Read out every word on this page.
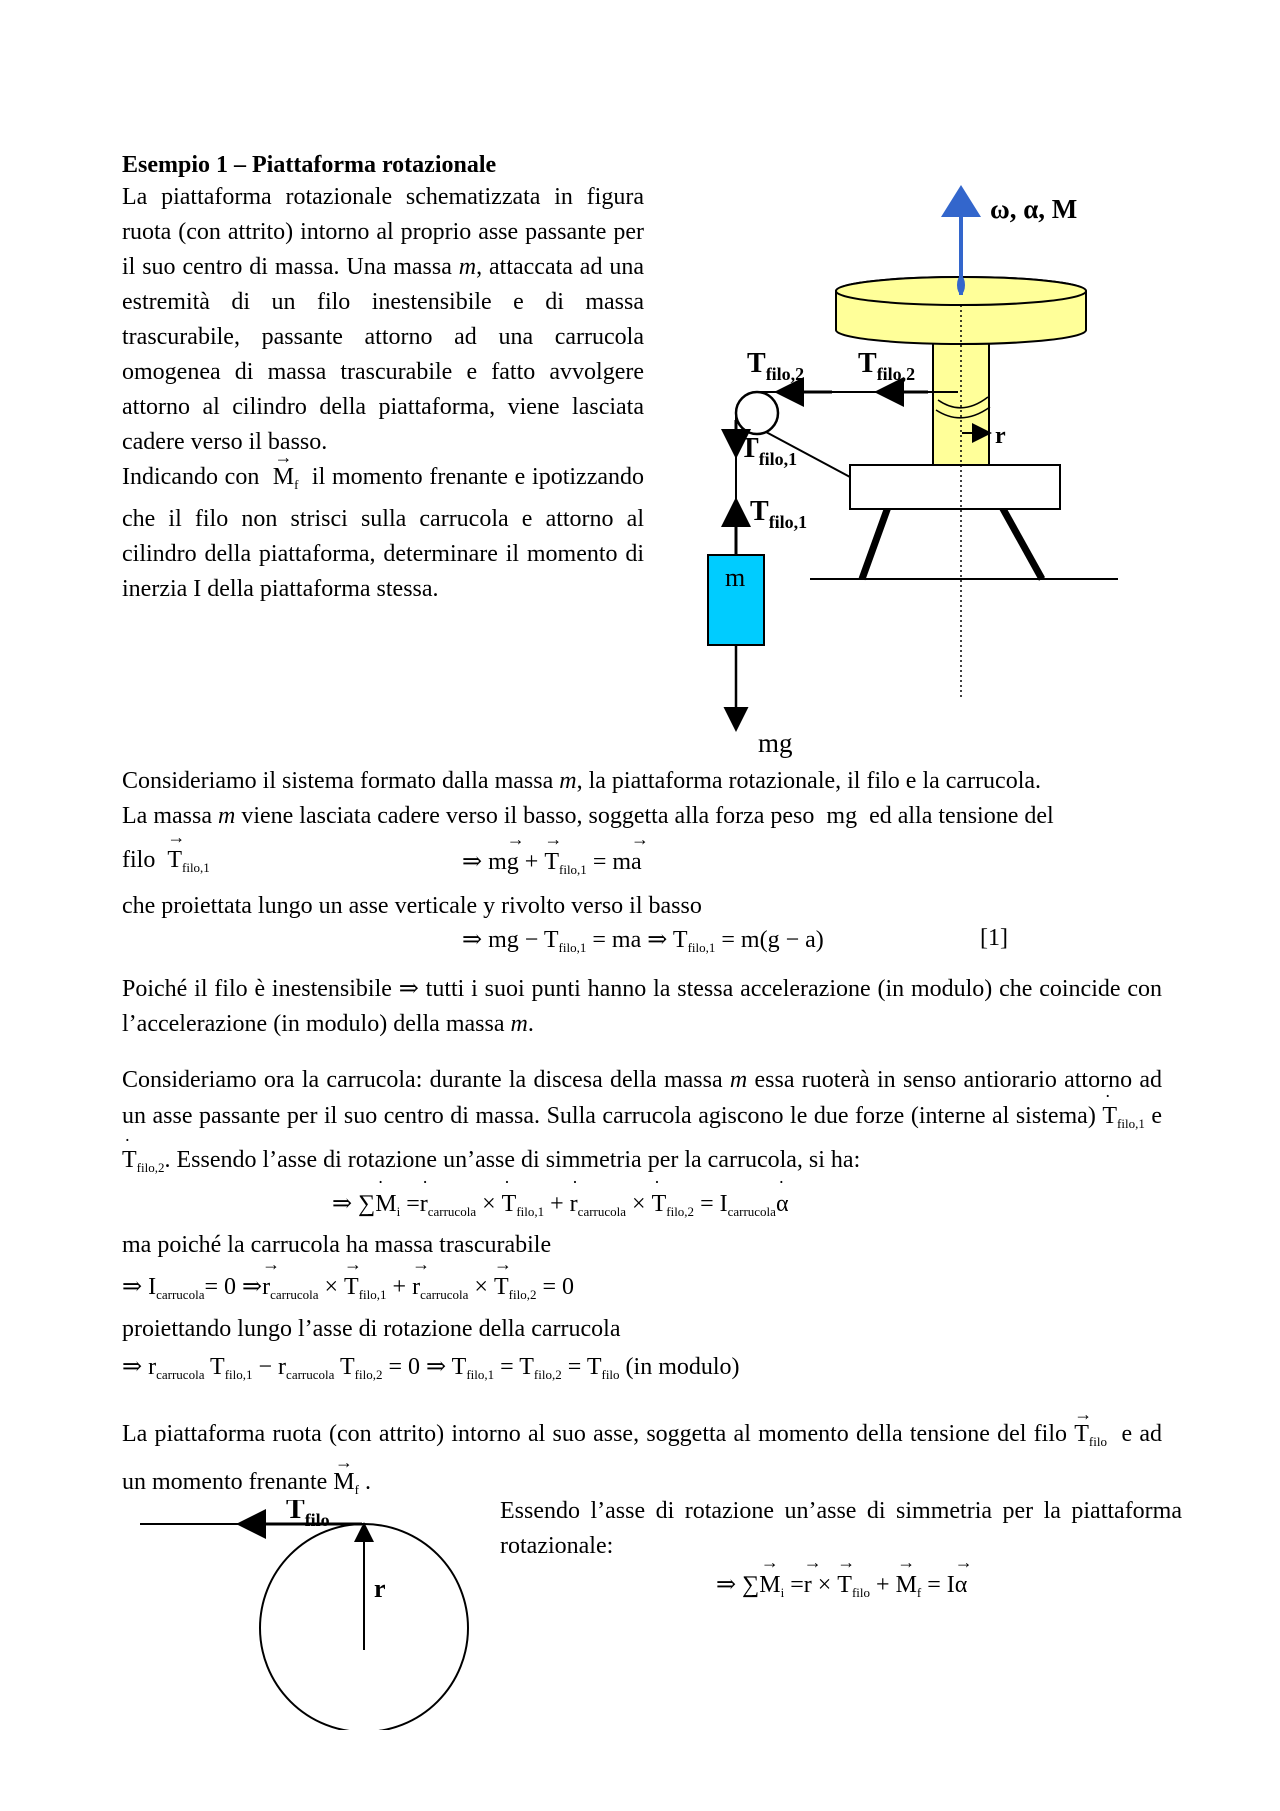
Esempio 1 – Piattaforma rotazionale
La piattaforma rotazionale schematizzata in figura ruota (con attrito) intorno al proprio asse passante per il suo centro di massa. Una massa m, attaccata ad una estremità di un filo inestensibile e di massa trascurabile, passante attorno ad una carrucola omogenea di massa trascurabile e fatto avvolgere attorno al cilindro della piattaforma, viene lasciata cadere verso il basso.
Indicando con → $M_f$ il momento frenante e ipotizzando che il filo non strisci sulla carrucola e attorno al cilindro della piattaforma, determinare il momento di inerzia I della piattaforma stessa.
ω, α, M
r
$T_{filo,2}$ $T_{filo,2}$
$T_{filo,1}$
$T_{filo,1}$
m
mg
Consideriamo il sistema formato dalla massa m, la piattaforma rotazionale, il filo e la carrucola.
La massa m viene lasciata cadere verso il basso, soggetta alla forza peso mg ed alla tensione del
filo → $T_{filo,1}$	⇒ m→ g + → $T_{filo,1} = m\to a$
che proiettata lungo un asse verticale y rivolto verso il basso
⇒ mg − $T_{filo,1}$ = ma ⇒ $T_{filo,1} = m(g - a)$	[1]
Poiché il filo è inestensibile ⇒ tutti i suoi punti hanno la stessa accelerazione (in modulo) che coincide con l’accelerazione (in modulo) della massa m.
Consideriamo ora la carrucola: durante la discesa della massa m essa ruoterà in senso antiorario attorno ad un asse passante per il suo centro di massa. Sulla carrucola agiscono le due forze (interne al sistema) ˙ $T_{filo,1}$ e ˙ $T_{filo,2}$. Essendo l’asse di rotazione un’asse di simmetria per la carrucola, si ha:
⇒ ∑˙ $M_i$ =˙ $r_{carrucola}$ × ˙ $T_{filo,1}$ + ˙ $r_{carrucola}$ × ˙ $T_{filo,2}$ = $I_{carrucola}˙$ α
ma poiché la carrucola ha massa trascurabile
⇒ $I_{carrucola}= 0$ ⇒→ $r_{carrucola}$ × → $T_{filo,1}$ + → $r_{carrucola}$ × → $T_{filo,2} = 0$
proiettando lungo l’asse di rotazione della carrucola
⇒ $r_{carrucola}$ $T_{filo,1} - r_{carrucola}$ $T_{filo,2} = 0$ ⇒ $T_{filo,1} = T_{filo,2} = T_{filo}$ (in modulo)
La piattaforma ruota (con attrito) intorno al suo asse, soggetta al momento della tensione del filo → $T_{filo}$ e ad un momento frenante → $M_f$ .
$T_{filo}$
r
Essendo l’asse di rotazione un’asse di simmetria per la piattaforma rotazionale:
⇒ ∑→ $M_i =\to r$ × → $T_{filo}$ + → $M_f = I\to \alpha$
